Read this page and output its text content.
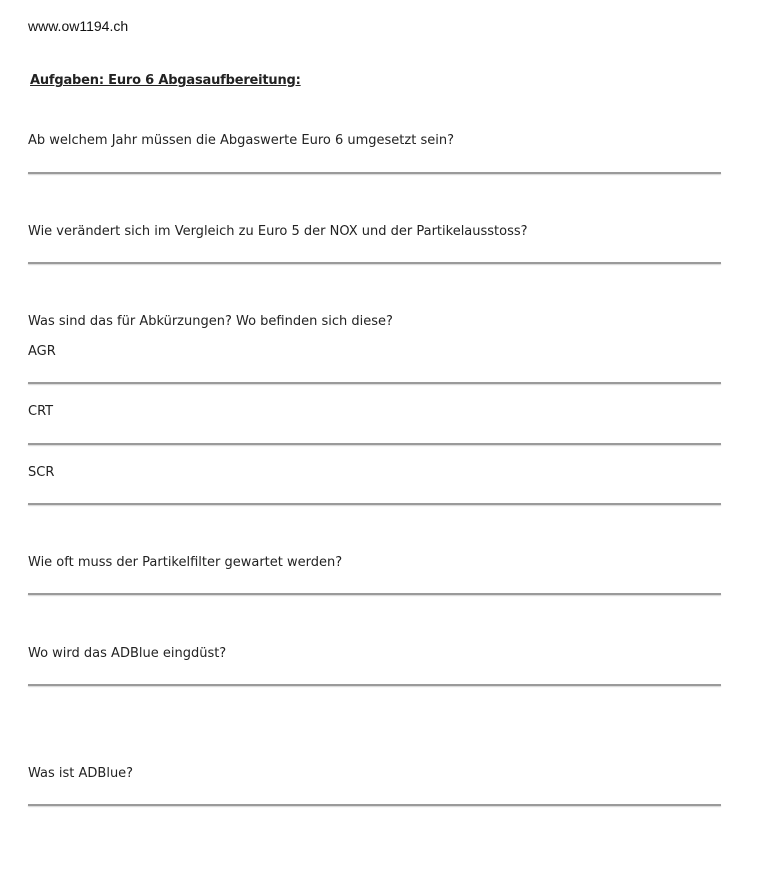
www.ow1194.ch
Aufgaben: Euro 6 Abgasaufbereitung:
Ab welchem Jahr müssen die Abgaswerte Euro 6 umgesetzt sein?
Wie verändert sich im Vergleich zu Euro 5 der NOX und der Partikelausstoss?
Was sind das für Abkürzungen? Wo befinden sich diese?
AGR
CRT
SCR
Wie oft muss der Partikelfilter gewartet werden?
Wo wird das ADBlue eingdüst?
Was ist ADBlue?
